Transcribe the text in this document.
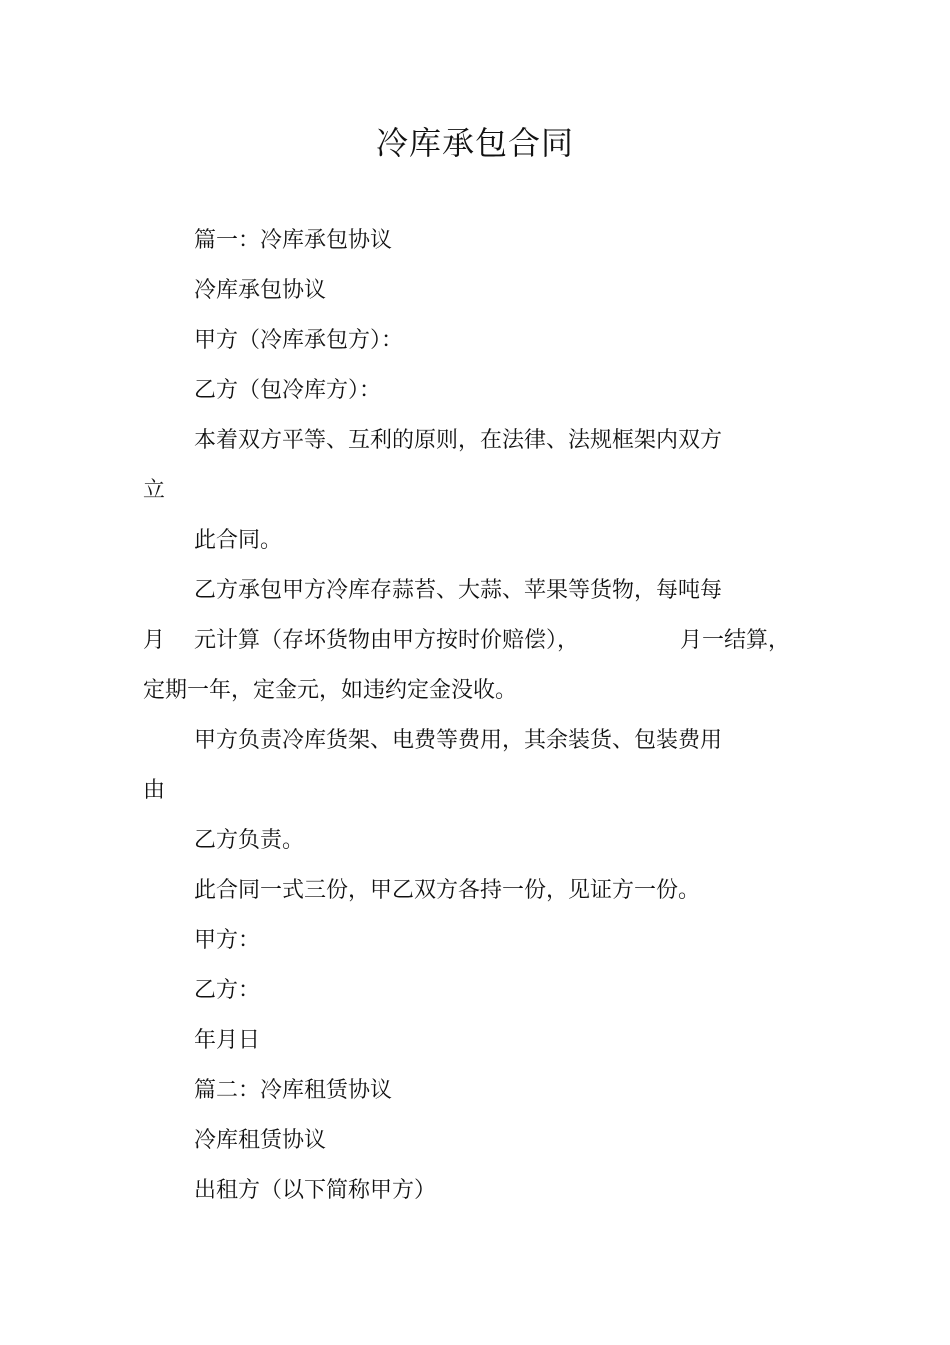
冷库承包合同

篇一：冷库承包协议

冷库承包协议

甲方（冷库承包方）：

乙方（包冷库方）：

本着双方平等、互利的原则，在法律、法规框架内双方

立

此合同。

乙方承包甲方冷库存蒜苔、大蒜、苹果等货物，每吨每

月 元计算（存坏货物由甲方按时价赔偿），	月一结算，

定期一年，定金元，如违约定金没收。

甲方负责冷库货架、电费等费用，其余装货、包装费用

由

乙方负责。

此合同一式三份，甲乙双方各持一份，见证方一份。

甲方：

乙方：

年月日

篇二：冷库租赁协议

冷库租赁协议

出租方（以下简称甲方）
